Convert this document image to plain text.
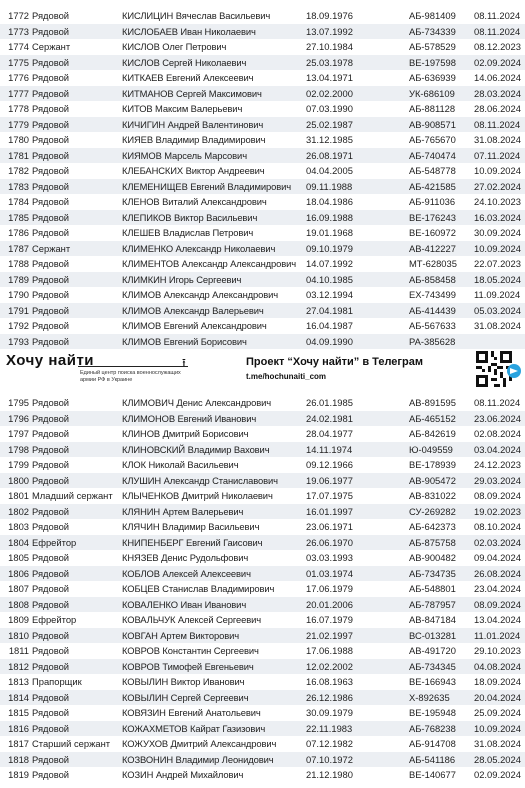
1772 Рядовой	КИСЛИЦИН Вячеслав Васильевич	18.09.1976	АБ-981409 08.11.2024
1773 Рядовой	КИСЛОБАЕВ Иван Николаевич	13.07.1992	АБ-734339 08.11.2024
1774 Сержант	КИСЛОВ Олег Петрович	27.10.1984	АБ-578529 08.12.2023
1775 Рядовой	КИСЛОВ Сергей Николаевич	25.03.1978	ВЕ-197598 02.09.2024
1776 Рядовой	КИТКАЕВ Евгений Алексеевич	13.04.1971	АБ-636939 14.06.2024
1777 Рядовой	КИТМАНОВ Сергей Максимович	02.02.2000	УК-686109 28.03.2024
1778 Рядовой	КИТОВ Максим Валерьевич	07.03.1990	АБ-881128 28.06.2024
1779 Рядовой	КИЧИГИН Андрей Валентинович	25.02.1987	АВ-908571 08.11.2024
1780 Рядовой	КИЯЕВ Владимир Владимирович	31.12.1985	АБ-765670 31.08.2024
1781 Рядовой	КИЯМОВ Марсель Марсович	26.08.1971	АБ-740474 07.11.2024
1782 Рядовой	КЛЕБАНСКИХ Виктор Андреевич	04.04.2005	АБ-548778 10.09.2024
1783 Рядовой	КЛЕМЕНИЩЕВ Евгений Владимирович 09.11.1988	АБ-421585 27.02.2024
1784 Рядовой	КЛЕНОВ Виталий Александрович	18.04.1986	АБ-911036 24.10.2023
1785 Рядовой	КЛЕПИКОВ Виктор Васильевич	16.09.1988	ВЕ-176243 16.03.2024
1786 Рядовой	КЛЕШЕВ Владислав Петрович	19.01.1968	ВЕ-160972 30.09.2024
1787 Сержант	КЛИМЕНКО Александр Николаевич	09.10.1979	АВ-412227 10.09.2024
1788 Рядовой	КЛИМЕНТОВ Александр Александрович 14.07.1992	МТ-628035 22.07.2023
1789 Рядовой	КЛИМКИН Игорь Сергеевич	04.10.1985	АБ-858458 18.05.2024
1790 Рядовой	КЛИМОВ Александр Александрович	03.12.1994	ЕХ-743499 11.09.2024
1791 Рядовой	КЛИМОВ Александр Валерьевич	27.04.1981	АБ-414439 05.03.2024
1792 Рядовой	КЛИМОВ Евгений Александрович	16.04.1987	АБ-567633 31.08.2024
1793 Рядовой	КЛИМОВ Евгений Борисович	04.09.1990	РА-385628
Хочу найти	⭱
Единый центр поиска военнослужащих армии РФ в Украине
Проект “Хочу найти” в Телеграм
t.me/hochunaiti_com
1795 Рядовой	КЛИМОВИЧ Денис Александрович	26.01.1985	АВ-891595 08.11.2024
1796 Рядовой	КЛИМОНОВ Евгений Иванович	24.02.1981	АБ-465152 23.06.2024
1797 Рядовой	КЛИНОВ Дмитрий Борисович	28.04.1977	АБ-842619 02.08.2024
1798 Рядовой	КЛИНОВСКИЙ Владимир Вахович	14.11.1974	Ю-049559 03.04.2024
1799 Рядовой	КЛОК Николай Васильевич	09.12.1966	ВЕ-178939 24.12.2023
1800 Рядовой	КЛУШИН Александр Станиславович	19.06.1977	АВ-905472 29.03.2024
1801 Младший сержант КЛЫЧЕНКОВ Дмитрий Николаевич	17.07.1975	АВ-831022 08.09.2024
1802 Рядовой	КЛЯНИН Артем Валерьевич	16.01.1997	СУ-269282 19.02.2023
1803 Рядовой	КЛЯЧИН Владимир Васильевич	23.06.1971	АБ-642373 08.10.2024
1804 Ефрейтор	КНИПЕНБЕРГ Евгений Гаисович	26.06.1970	АБ-875758 02.03.2024
1805 Рядовой	КНЯЗЕВ Денис Рудольфович	03.03.1993	АВ-900482 09.04.2024
1806 Рядовой	КОБЛОВ Алексей Алексеевич	01.03.1974	АБ-734735 26.08.2024
1807 Рядовой	КОБЦЕВ Станислав Владимирович	17.06.1979	АБ-548801 23.04.2024
1808 Рядовой	КОВАЛЕНКО Иван Иванович	20.01.2006	АБ-787957 08.09.2024
1809 Ефрейтор	КОВАЛЬЧУК Алексей Сергеевич	16.07.1979	АВ-847184 13.04.2024
1810 Рядовой	КОВГАН Артем Викторович	21.02.1997	ВС-013281 11.01.2024
1811 Рядовой	КОВРОВ Константин Сергеевич	17.06.1988	АВ-491720 29.10.2023
1812 Рядовой	КОВРОВ Тимофей Евгеньевич	12.02.2002	АБ-734345 04.08.2024
1813 Прапорщик	КОВЫЛИН Виктор Иванович	16.08.1963	ВЕ-166943 18.09.2024
1814 Рядовой	КОВЫЛИН Сергей Сергеевич	26.12.1986	Х-892635	20.04.2024
1815 Рядовой	КОВЯЗИН Евгений Анатольевич	30.09.1979	ВЕ-195948 25.09.2024
1816 Рядовой	КОЖАХМЕТОВ Кайрат Газизович	22.11.1983	АБ-768238 10.09.2024
1817 Старший сержант КОЖУХОВ Дмитрий Александрович	07.12.1982	АБ-914708 31.08.2024
1818 Рядовой	КОЗВОНИН Владимир Леонидович	07.10.1972	АБ-541186 28.05.2024
1819 Рядовой	КОЗИН Андрей Михайлович	21.12.1980	ВЕ-140677 02.09.2024
